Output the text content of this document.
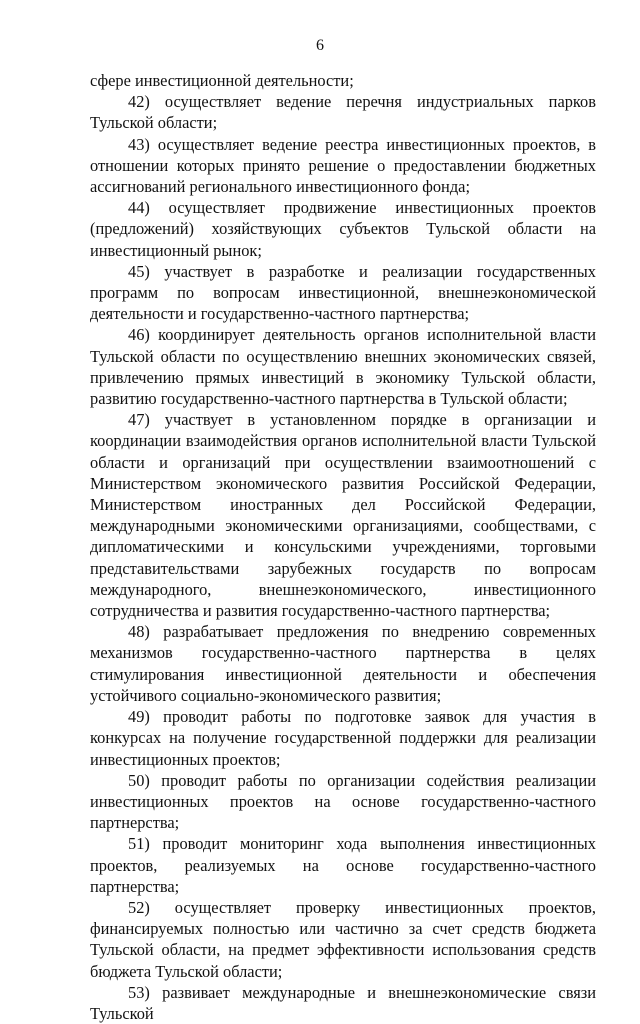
6

сфере инвестиционной деятельности;

42) осуществляет ведение перечня индустриальных парков Тульской области;

43) осуществляет ведение реестра инвестиционных проектов, в отношении которых принято решение о предоставлении бюджетных ассигнований регионального инвестиционного фонда;

44) осуществляет продвижение инвестиционных проектов (предложений) хозяйствующих субъектов Тульской области на инвестиционный рынок;

45) участвует в разработке и реализации государственных программ по вопросам инвестиционной, внешнеэкономической деятельности и государственно-частного партнерства;

46) координирует деятельность органов исполнительной власти Тульской области по осуществлению внешних экономических связей, привлечению прямых инвестиций в экономику Тульской области, развитию государственно-частного партнерства в Тульской области;

47) участвует в установленном порядке в организации и координации взаимодействия органов исполнительной власти Тульской области и организаций при осуществлении взаимоотношений с Министерством экономического развития Российской Федерации, Министерством иностранных дел Российской Федерации, международными экономическими организациями, сообществами, с дипломатическими и консульскими учреждениями, торговыми представительствами зарубежных государств по вопросам международного, внешнеэкономического, инвестиционного сотрудничества и развития государственно-частного партнерства;

48) разрабатывает предложения по внедрению современных механизмов государственно-частного партнерства в целях стимулирования инвестиционной деятельности и обеспечения устойчивого социально-экономического развития;

49) проводит работы по подготовке заявок для участия в конкурсах на получение государственной поддержки для реализации инвестиционных проектов;

50) проводит работы по организации содействия реализации инвестиционных проектов на основе государственно-частного партнерства;

51) проводит мониторинг хода выполнения инвестиционных проектов, реализуемых на основе государственно-частного партнерства;

52) осуществляет проверку инвестиционных проектов, финансируемых полностью или частично за счет средств бюджета Тульской области, на предмет эффективности использования средств бюджета Тульской области;

53) развивает международные и внешнеэкономические связи Тульской
